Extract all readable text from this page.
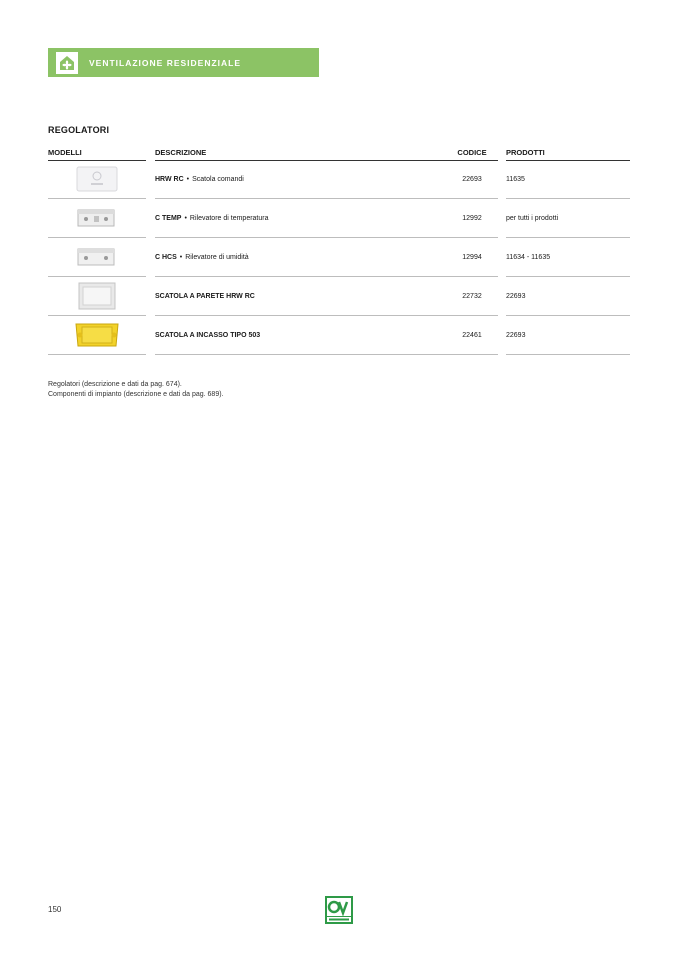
VENTILAZIONE RESIDENZIALE
REGOLATORI
MODELLI	DESCRIZIONE	CODICE	PRODOTTI
HRW RC • Scatola comandi	22693	11635
C TEMP • Rilevatore di temperatura	12992	per tutti i prodotti
C HCS • Rilevatore di umidità	12994	11634 - 11635
SCATOLA A PARETE HRW RC	22732	22693
SCATOLA A INCASSO TIPO 503	22461	22693
Regolatori (descrizione e dati da pag. 674).
Componenti di impianto (descrizione e dati da pag. 689).
150
